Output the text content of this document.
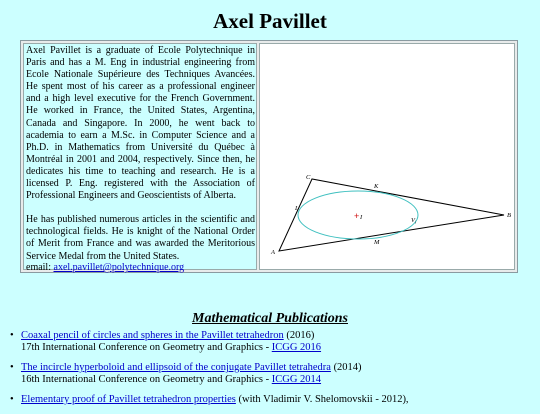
Axel Pavillet

Axel Pavillet is a graduate of Ecole Polytechnique in Paris and has a M. Eng in industrial engineering from Ecole Nationale Supérieure des Techniques Avancées. He spent most of his career as a professional engineer and a high level executive for the French Government. He worked in France, the United States, Argentina, Canada and Singapore. In 2000, he went back to academia to earn a M.Sc. in Computer Science and a Ph.D. in Mathematics from Université du Québec à Montréal in 2001 and 2004, respectively. Since then, he dedicates his time to teaching and research. He is a licensed P. Eng. registered with the Association of Professional Engineers and Geoscientists of Alberta.

He has published numerous articles in the scientific and technological fields. He is knight of the National Order of Merit from France and was awarded the Meritorious Service Medal from the United States.

email: axel.pavillet@polytechnique.org
+ I
A
B
C
K
L
M
$V_i$
Mathematical Publications
• Coaxal pencil of circles and spheres in the Pavillet tetrahedron (2016)
17th International Conference on Geometry and Graphics - ICGG 2016
• The incircle hyperboloid and ellipsoid of the conjugate Pavillet tetrahedra (2014)
16th International Conference on Geometry and Graphics - ICGG 2014
• Elementary proof of Pavillet tetrahedron properties (with Vladimir V. Shelomovskii - 2012),
